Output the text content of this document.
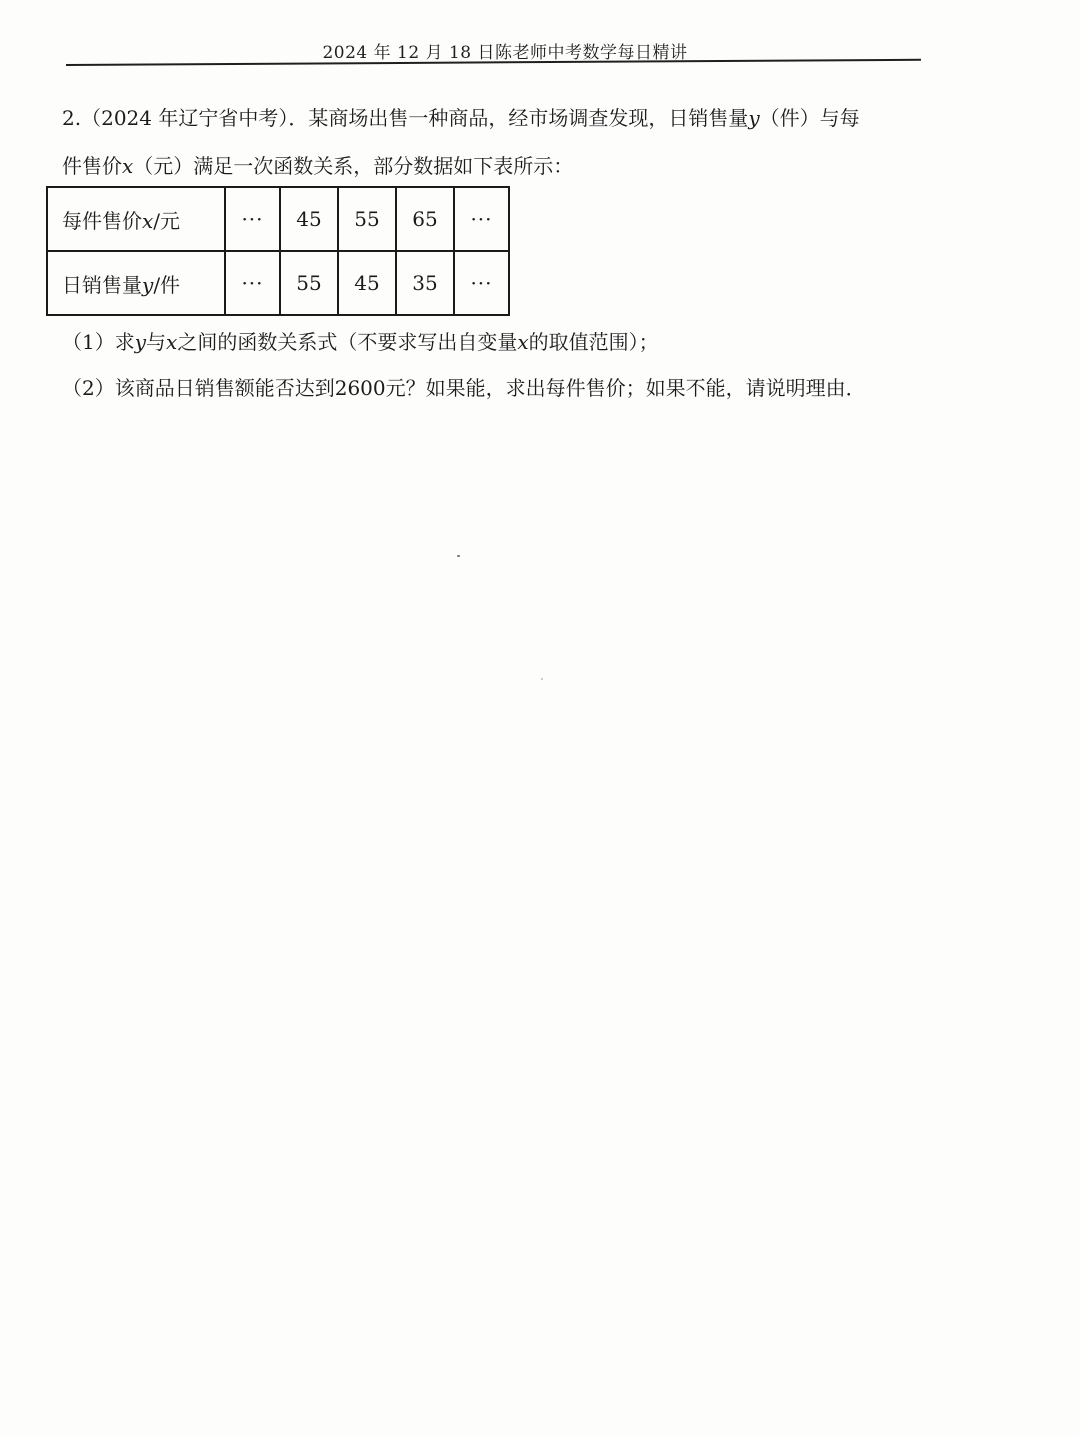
2024 年 12 月 18 日陈老师中考数学每日精讲
2.（2024 年辽宁省中考）．某商场出售一种商品，经市场调查发现，日销售量y（件）与每
件售价x（元）满足一次函数关系，部分数据如下表所示：
每件售价x/元	···	45	55	65	···
日销售量y/件	···	55	45	35	···
（1）求y与x之间的函数关系式（不要求写出自变量x的取值范围）；
（2）该商品日销售额能否达到2600元？如果能，求出每件售价；如果不能，请说明理由．
